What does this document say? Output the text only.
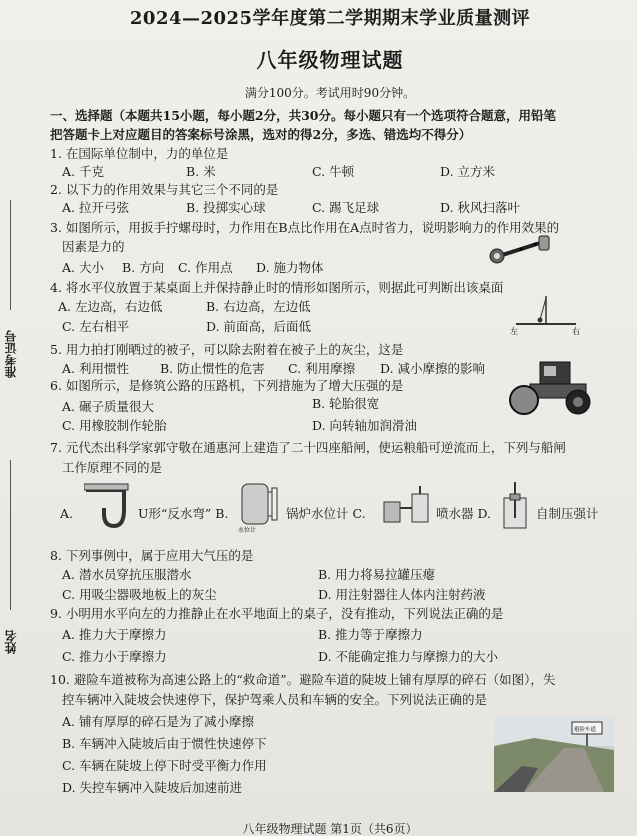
准考证号
姓名
2024—2025学年度第二学期期末学业质量测评
八年级物理试题
满分100分。考试用时90分钟。
一、选择题（本题共15小题，每小题2分，共30分。每小题只有一个选项符合题意，用铅笔
把答题卡上对应题目的答案标号涂黑，选对的得2分，多选、错选均不得分）
1. 在国际单位制中，力的单位是
A. 千克	B. 米	C. 牛顿	D. 立方米
2. 以下力的作用效果与其它三个不同的是
A. 拉开弓弦	B. 投掷实心球	C. 踢飞足球	D. 秋风扫落叶
3. 如图所示，用扳手拧螺母时，力作用在B点比作用在A点时省力，说明影响力的作用效果的
因素是力的
A. 大小 B. 方向 C. 作用点 D. 施力物体
4. 将水平仪放置于某桌面上并保持静止时的情形如图所示，则据此可判断出该桌面
A. 左边高，右边低	B. 右边高，左边低
C. 左右相平	D. 前面高，后面低	左	右
5. 用力拍打刚晒过的被子，可以除去附着在被子上的灰尘，这是
A. 利用惯性 B. 防止惯性的危害 C. 利用摩擦 D. 减小摩擦的影响
6. 如图所示，是修筑公路的压路机，下列措施为了增大压强的是
A. 碾子质量很大	B. 轮胎很宽
C. 用橡胶制作轮胎	D. 向转轴加润滑油
7. 元代杰出科学家郭守敬在通惠河上建造了二十四座船闸，使运粮船可逆流而上，下列与船闸
工作原理不同的是
A.	U形“反水弯” B.
水位计
锅炉水位计 C.	喷水器 D.	自制压强计
8. 下列事例中，属于应用大气压的是
A. 潜水员穿抗压服潜水	B. 用力将易拉罐压瘪
C. 用吸尘器吸地板上的灰尘	D. 用注射器往人体内注射药液
9. 小明用水平向左的力推静止在水平地面上的桌子，没有推动，下列说法正确的是
A. 推力大于摩擦力	B. 推力等于摩擦力
C. 推力小于摩擦力	D. 不能确定推力与摩擦力的大小
10. 避险车道被称为高速公路上的“救命道”。避险车道的陡坡上铺有厚厚的碎石（如图），失
控车辆冲入陡坡会快速停下，保护驾乘人员和车辆的安全。下列说法正确的是
A. 铺有厚厚的碎石是为了减小摩擦
B. 车辆冲入陡坡后由于惯性快速停下
C. 车辆在陡坡上停下时受平衡力作用
D. 失控车辆冲入陡坡后加速前进
避险车道
八年级物理试题 第1页（共6页）
